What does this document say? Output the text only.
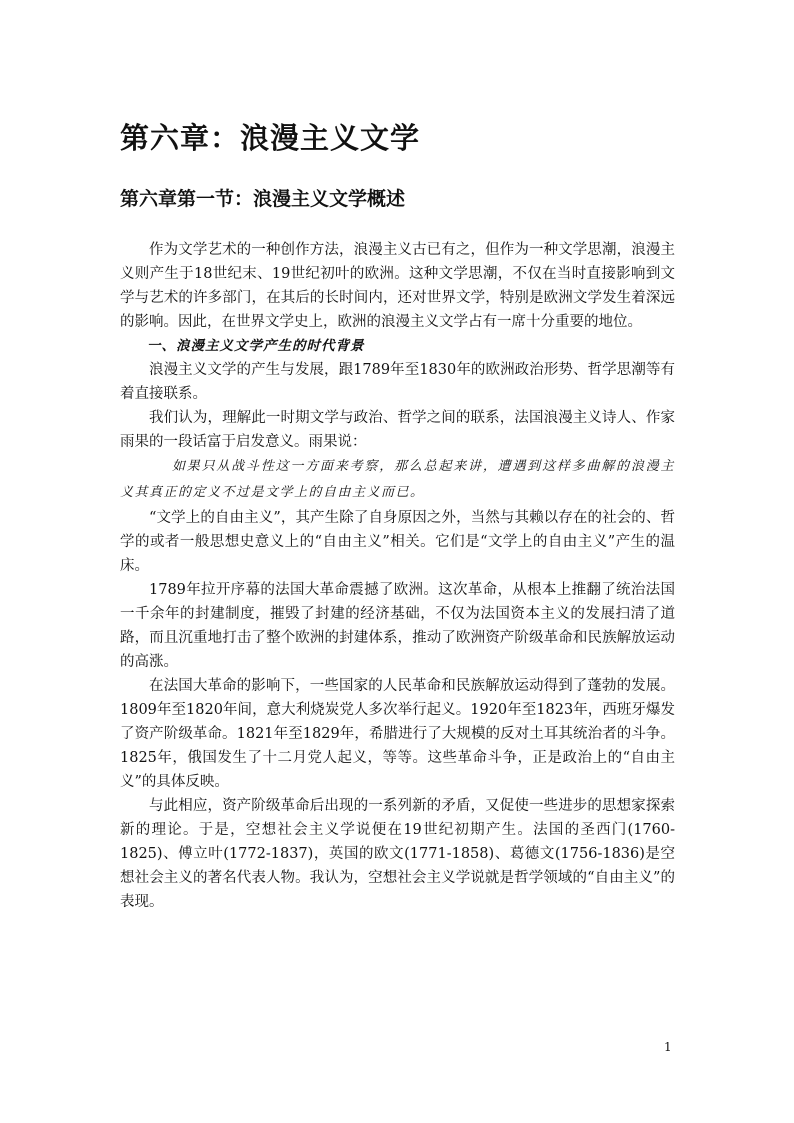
第六章：浪漫主义文学
第六章第一节：浪漫主义文学概述

作为文学艺术的一种创作方法，浪漫主义古已有之，但作为一种文学思潮，浪漫主义则产生于18世纪末、19世纪初叶的欧洲。这种文学思潮，不仅在当时直接影响到文学与艺术的许多部门，在其后的长时间内，还对世界文学，特别是欧洲文学发生着深远的影响。因此，在世界文学史上，欧洲的浪漫主义文学占有一席十分重要的地位。

一、浪漫主义文学产生的时代背景

浪漫主义文学的产生与发展，跟1789年至1830年的欧洲政治形势、哲学思潮等有着直接联系。

我们认为，理解此一时期文学与政治、哲学之间的联系，法国浪漫主义诗人、作家雨果的一段话富于启发意义。雨果说：

如果只从战斗性这一方面来考察，那么总起来讲，遭遇到这样多曲解的浪漫主义其真正的定义不过是文学上的自由主义而已。

“文学上的自由主义”，其产生除了自身原因之外，当然与其赖以存在的社会的、哲学的或者一般思想史意义上的“自由主义”相关。它们是“文学上的自由主义”产生的温床。

1789年拉开序幕的法国大革命震撼了欧洲。这次革命，从根本上推翻了统治法国一千余年的封建制度，摧毁了封建的经济基础，不仅为法国资本主义的发展扫清了道路，而且沉重地打击了整个欧洲的封建体系，推动了欧洲资产阶级革命和民族解放运动的高涨。

在法国大革命的影响下，一些国家的人民革命和民族解放运动得到了蓬勃的发展。1809年至1820年间，意大利烧炭党人多次举行起义。1920年至1823年，西班牙爆发了资产阶级革命。1821年至1829年，希腊进行了大规模的反对土耳其统治者的斗争。1825年，俄国发生了十二月党人起义，等等。这些革命斗争，正是政治上的“自由主义”的具体反映。

与此相应，资产阶级革命后出现的一系列新的矛盾，又促使一些进步的思想家探索新的理论。于是，空想社会主义学说便在19世纪初期产生。法国的圣西门(1760-1825)、傅立叶(1772-1837)，英国的欧文(1771-1858)、葛德文(1756-1836)是空想社会主义的著名代表人物。我认为，空想社会主义学说就是哲学领域的“自由主义”的表现。

1
